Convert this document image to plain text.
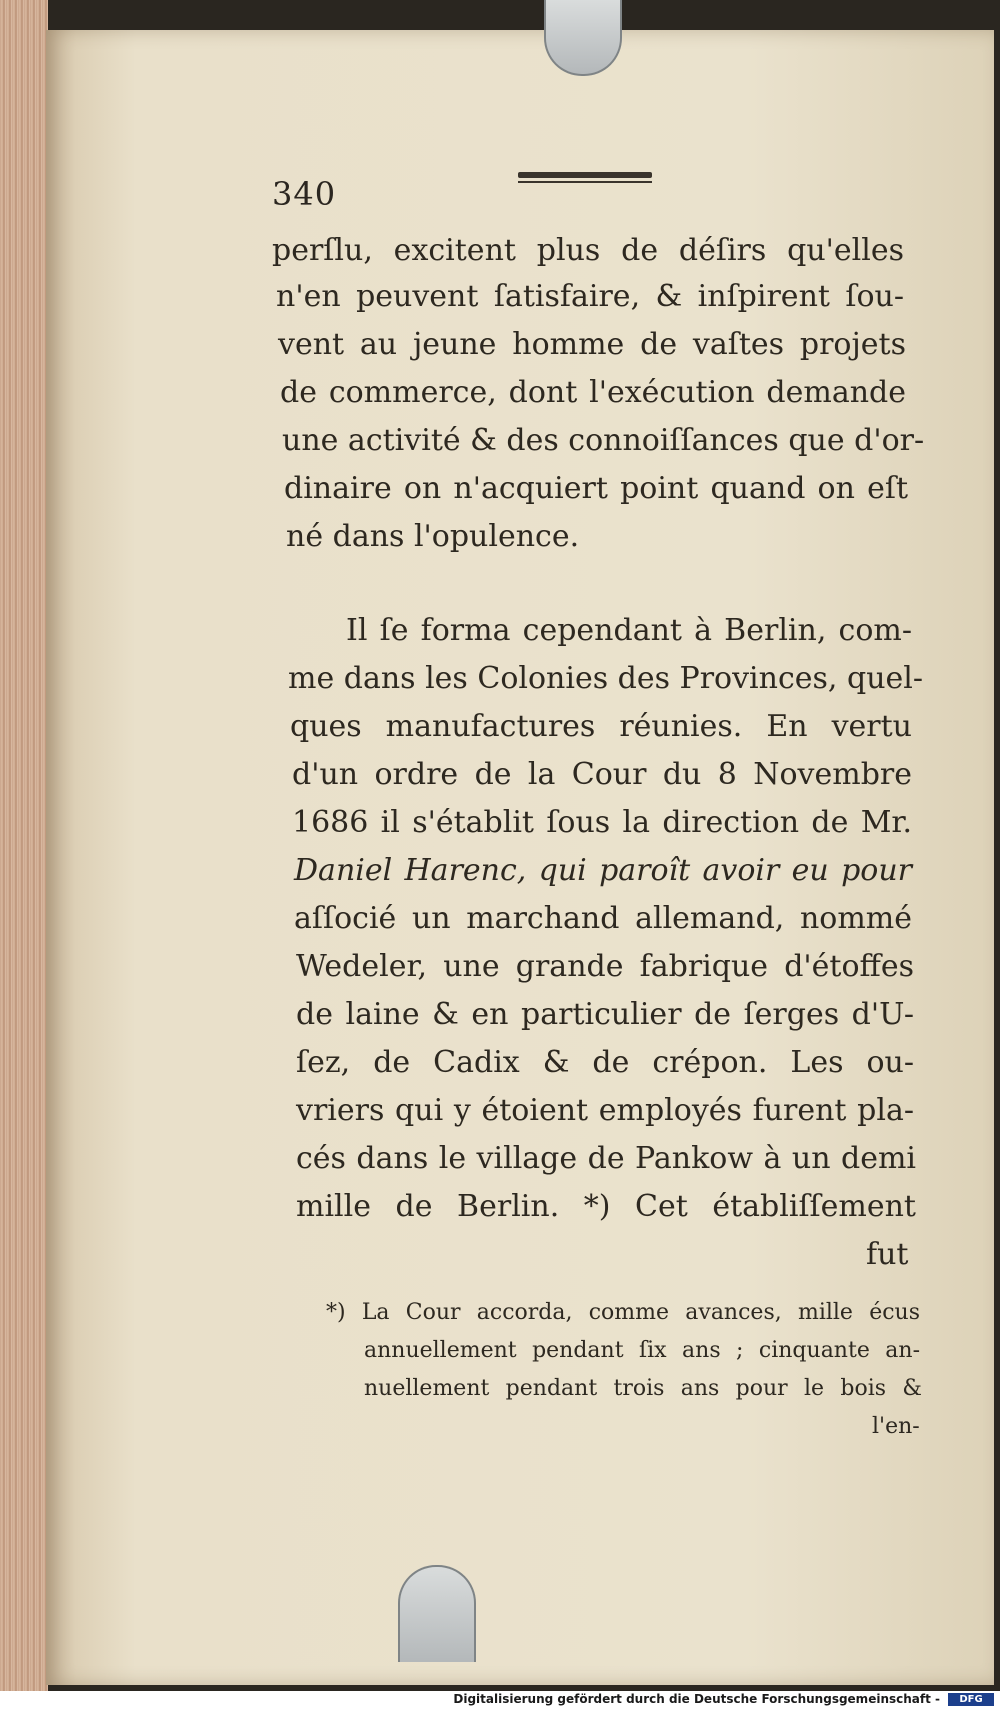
340
perſlu, excitent plus de déſirs qu'elles
n'en peuvent ſatisfaire, & inſpirent ſou-
vent au jeune homme de vaſtes projets
de commerce, dont l'exécution demande
une activité & des connoiſſances que d'or-
dinaire on n'acquiert point quand on eſt
né dans l'opulence.
Il ſe forma cependant à Berlin, com-
me dans les Colonies des Provinces, quel-
ques manufactures réunies. En vertu
d'un ordre de la Cour du 8 Novembre
1686 il s'établit ſous la direction de Mr.
Daniel Harenc, qui paroît avoir eu pour
aſſocié un marchand allemand, nommé
Wedeler, une grande fabrique d'étoffes
de laine & en particulier de ſerges d'U-
ſez, de Cadix & de crépon. Les ou-
vriers qui y étoient employés furent pla-
cés dans le village de Pankow à un demi
mille de Berlin. *) Cet établiſſement
fut
*) La Cour accorda, comme avances, mille écus
annuellement pendant ſix ans ; cinquante an-
nuellement pendant trois ans pour le bois &
l'en-
Digitalisierung gefördert durch die Deutsche Forschungsgemeinschaft -	DFG
